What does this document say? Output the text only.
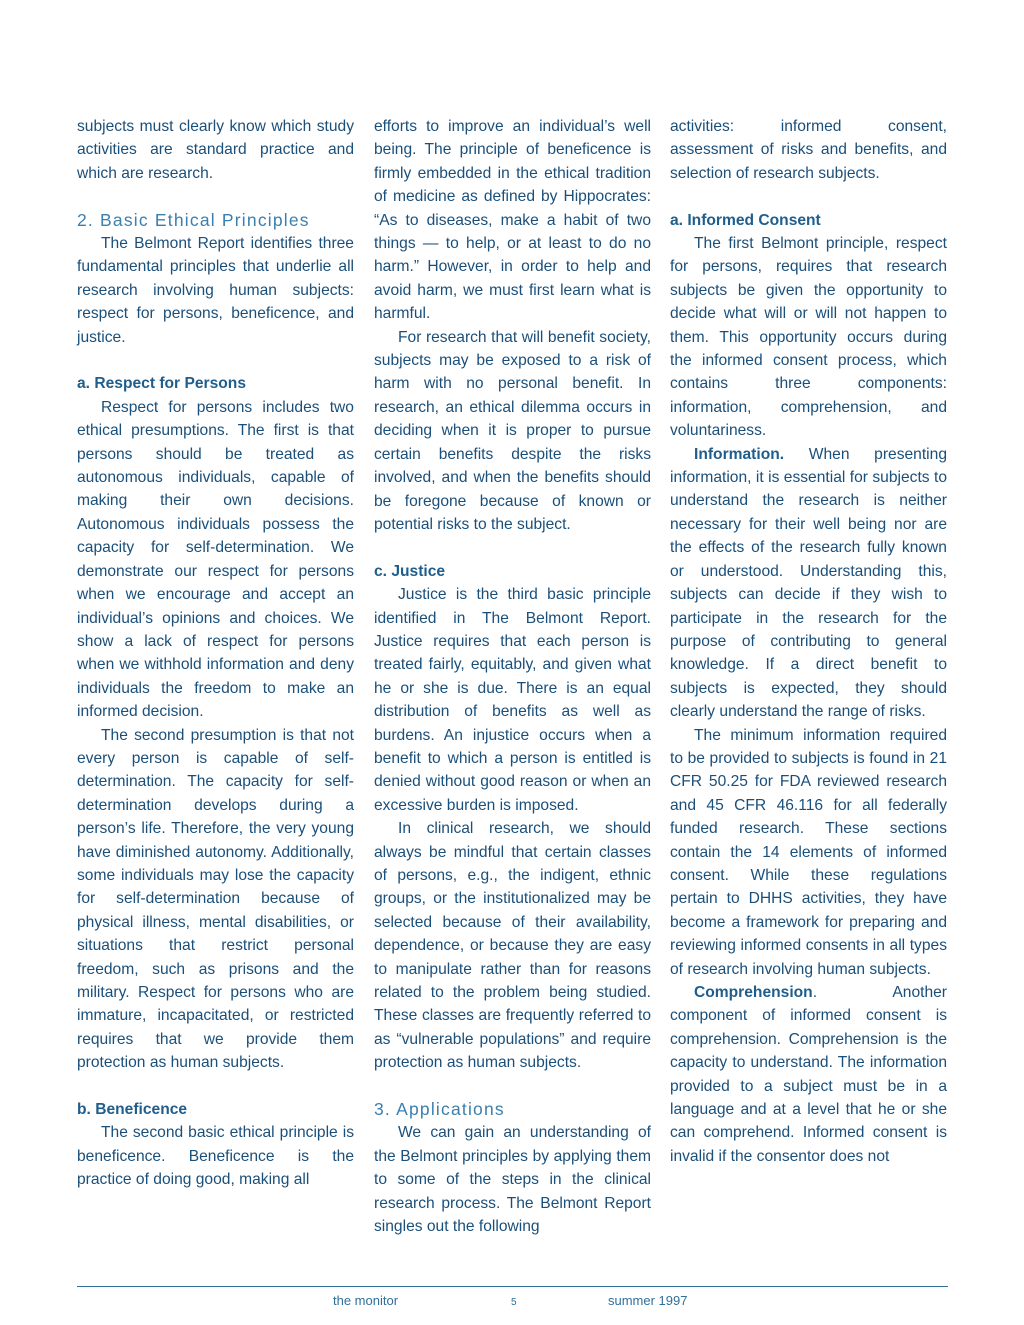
subjects must clearly know which study activities are standard practice and which are research.

2. Basic Ethical Principles

The Belmont Report identifies three fundamental principles that underlie all research involving human subjects: respect for persons, beneficence, and justice.

a. Respect for Persons

Respect for persons includes two ethical presumptions. The first is that persons should be treated as autonomous individuals, capable of making their own decisions. Autonomous individuals possess the capacity for self-determination. We demonstrate our respect for persons when we encourage and accept an individual’s opinions and choices. We show a lack of respect for persons when we withhold information and deny individuals the freedom to make an informed decision.

The second presumption is that not every person is capable of self-determination. The capacity for self-determination develops during a person’s life. Therefore, the very young have diminished autonomy. Additionally, some individuals may lose the capacity for self-determination because of physical illness, mental disabilities, or situations that restrict personal freedom, such as prisons and the military. Respect for persons who are immature, incapacitated, or restricted requires that we provide them protection as human subjects.

b. Beneficence

The second basic ethical principle is beneficence. Beneficence is the practice of doing good, making all

efforts to improve an individual’s well being. The principle of beneficence is firmly embedded in the ethical tradition of medicine as defined by Hippocrates: “As to diseases, make a habit of two things — to help, or at least to do no harm.” However, in order to help and avoid harm, we must first learn what is harmful.

For research that will benefit society, subjects may be exposed to a risk of harm with no personal benefit. In research, an ethical dilemma occurs in deciding when it is proper to pursue certain benefits despite the risks involved, and when the benefits should be foregone because of known or potential risks to the subject.

c. Justice

Justice is the third basic principle identified in The Belmont Report. Justice requires that each person is treated fairly, equitably, and given what he or she is due. There is an equal distribution of benefits as well as burdens. An injustice occurs when a benefit to which a person is entitled is denied without good reason or when an excessive burden is imposed.

In clinical research, we should always be mindful that certain classes of persons, e.g., the indigent, ethnic groups, or the institutionalized may be selected because of their availability, dependence, or because they are easy to manipulate rather than for reasons related to the problem being studied. These classes are frequently referred to as “vulnerable populations” and require protection as human subjects.

3. Applications

We can gain an understanding of the Belmont principles by applying them to some of the steps in the clinical research process. The Belmont Report singles out the following

activities: informed consent, assessment of risks and benefits, and selection of research subjects.

a. Informed Consent

The first Belmont principle, respect for persons, requires that research subjects be given the opportunity to decide what will or will not happen to them. This opportunity occurs during the informed consent process, which contains three components: information, comprehension, and voluntariness.

Information. When presenting information, it is essential for subjects to understand the research is neither necessary for their well being nor are the effects of the research fully known or understood. Understanding this, subjects can decide if they wish to participate in the research for the purpose of contributing to general knowledge. If a direct benefit to subjects is expected, they should clearly understand the range of risks.

The minimum information required to be provided to subjects is found in 21 CFR 50.25 for FDA reviewed research and 45 CFR 46.116 for all federally funded research. These sections contain the 14 elements of informed consent. While these regulations pertain to DHHS activities, they have become a framework for preparing and reviewing informed consents in all types of research involving human subjects.

Comprehension. Another component of informed consent is comprehension. Comprehension is the capacity to understand. The information provided to a subject must be in a language and at a level that he or she can comprehend. Informed consent is invalid if the consentor does not

the monitor	5	summer 1997
